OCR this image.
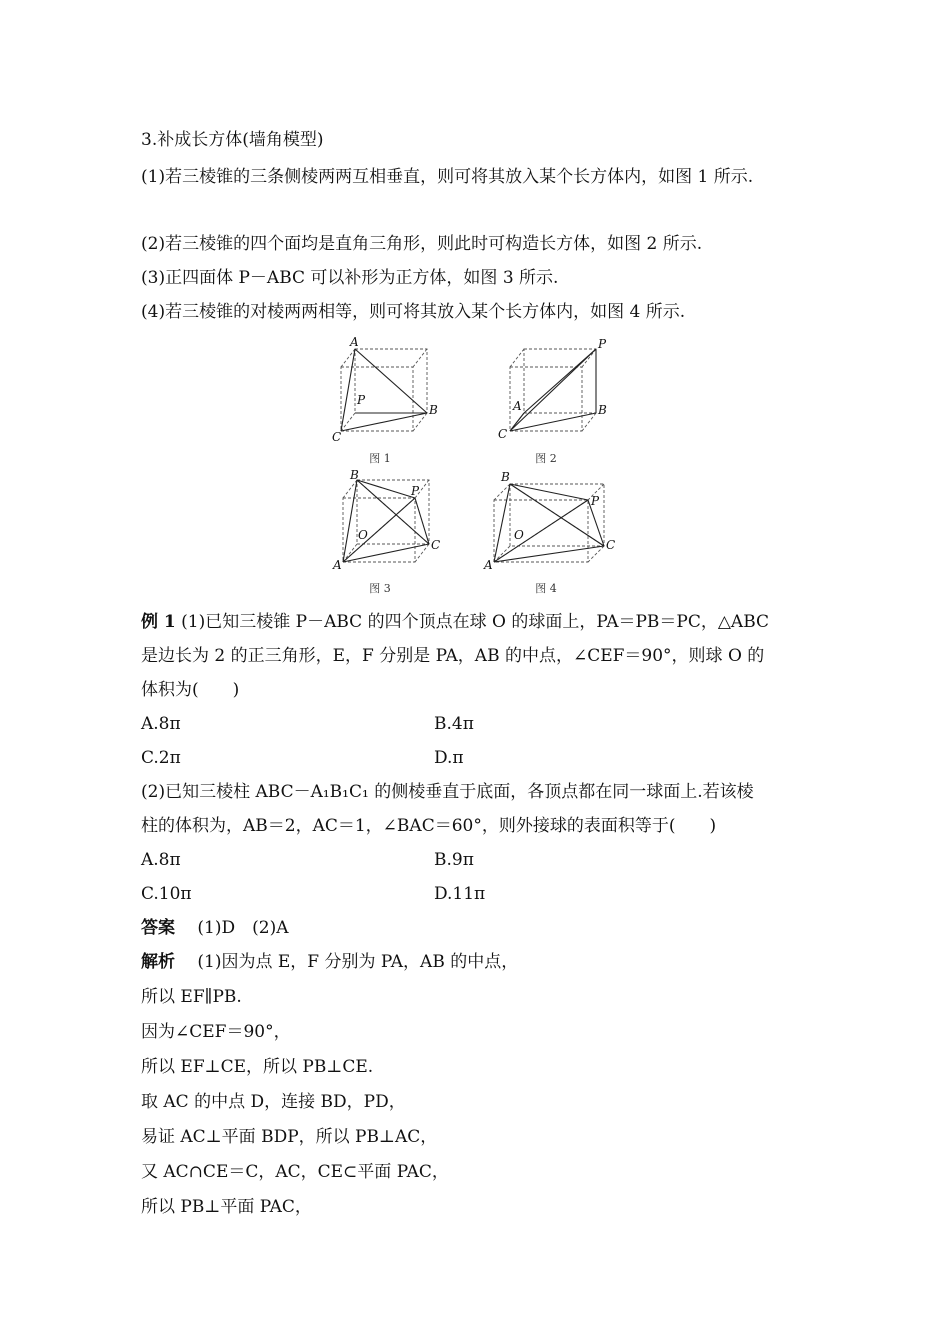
3.补成长方体(墙角模型)
(1)若三棱锥的三条侧棱两两互相垂直，则可将其放入某个长方体内，如图 1 所示.
(2)若三棱锥的四个面均是直角三角形，则此时可构造长方体，如图 2 所示.
(3)正四面体 P－ABC 可以补形为正方体，如图 3 所示.
(4)若三棱锥的对棱两两相等，则可将其放入某个长方体内，如图 4 所示.
A
P
B
C
图 1
P
A	B
C
图 2
B
P
O
C
A
图 3
B
P
O
C
A
图 4
例 1 (1)已知三棱锥 P－ABC 的四个顶点在球 O 的球面上，PA＝PB＝PC，△ABC
是边长为 2 的正三角形，E，F 分别是 PA，AB 的中点，∠CEF＝90°，则球 O 的
体积为(　　)
A.8π	B.4π
C.2π	D.π
(2)已知三棱柱 ABC－A₁B₁C₁ 的侧棱垂直于底面，各顶点都在同一球面上.若该棱
柱的体积为，AB＝2，AC＝1，∠BAC＝60°，则外接球的表面积等于(　　)
A.8π	B.9π
C.10π	D.11π
答案　 (1)D　(2)A
解析　 (1)因为点 E，F 分别为 PA，AB 的中点，
所以 EF∥PB.
因为∠CEF＝90°，
所以 EF⊥CE，所以 PB⊥CE.
取 AC 的中点 D，连接 BD，PD，
易证 AC⊥平面 BDP，所以 PB⊥AC，
又 AC∩CE＝C，AC，CE⊂平面 PAC，
所以 PB⊥平面 PAC，
